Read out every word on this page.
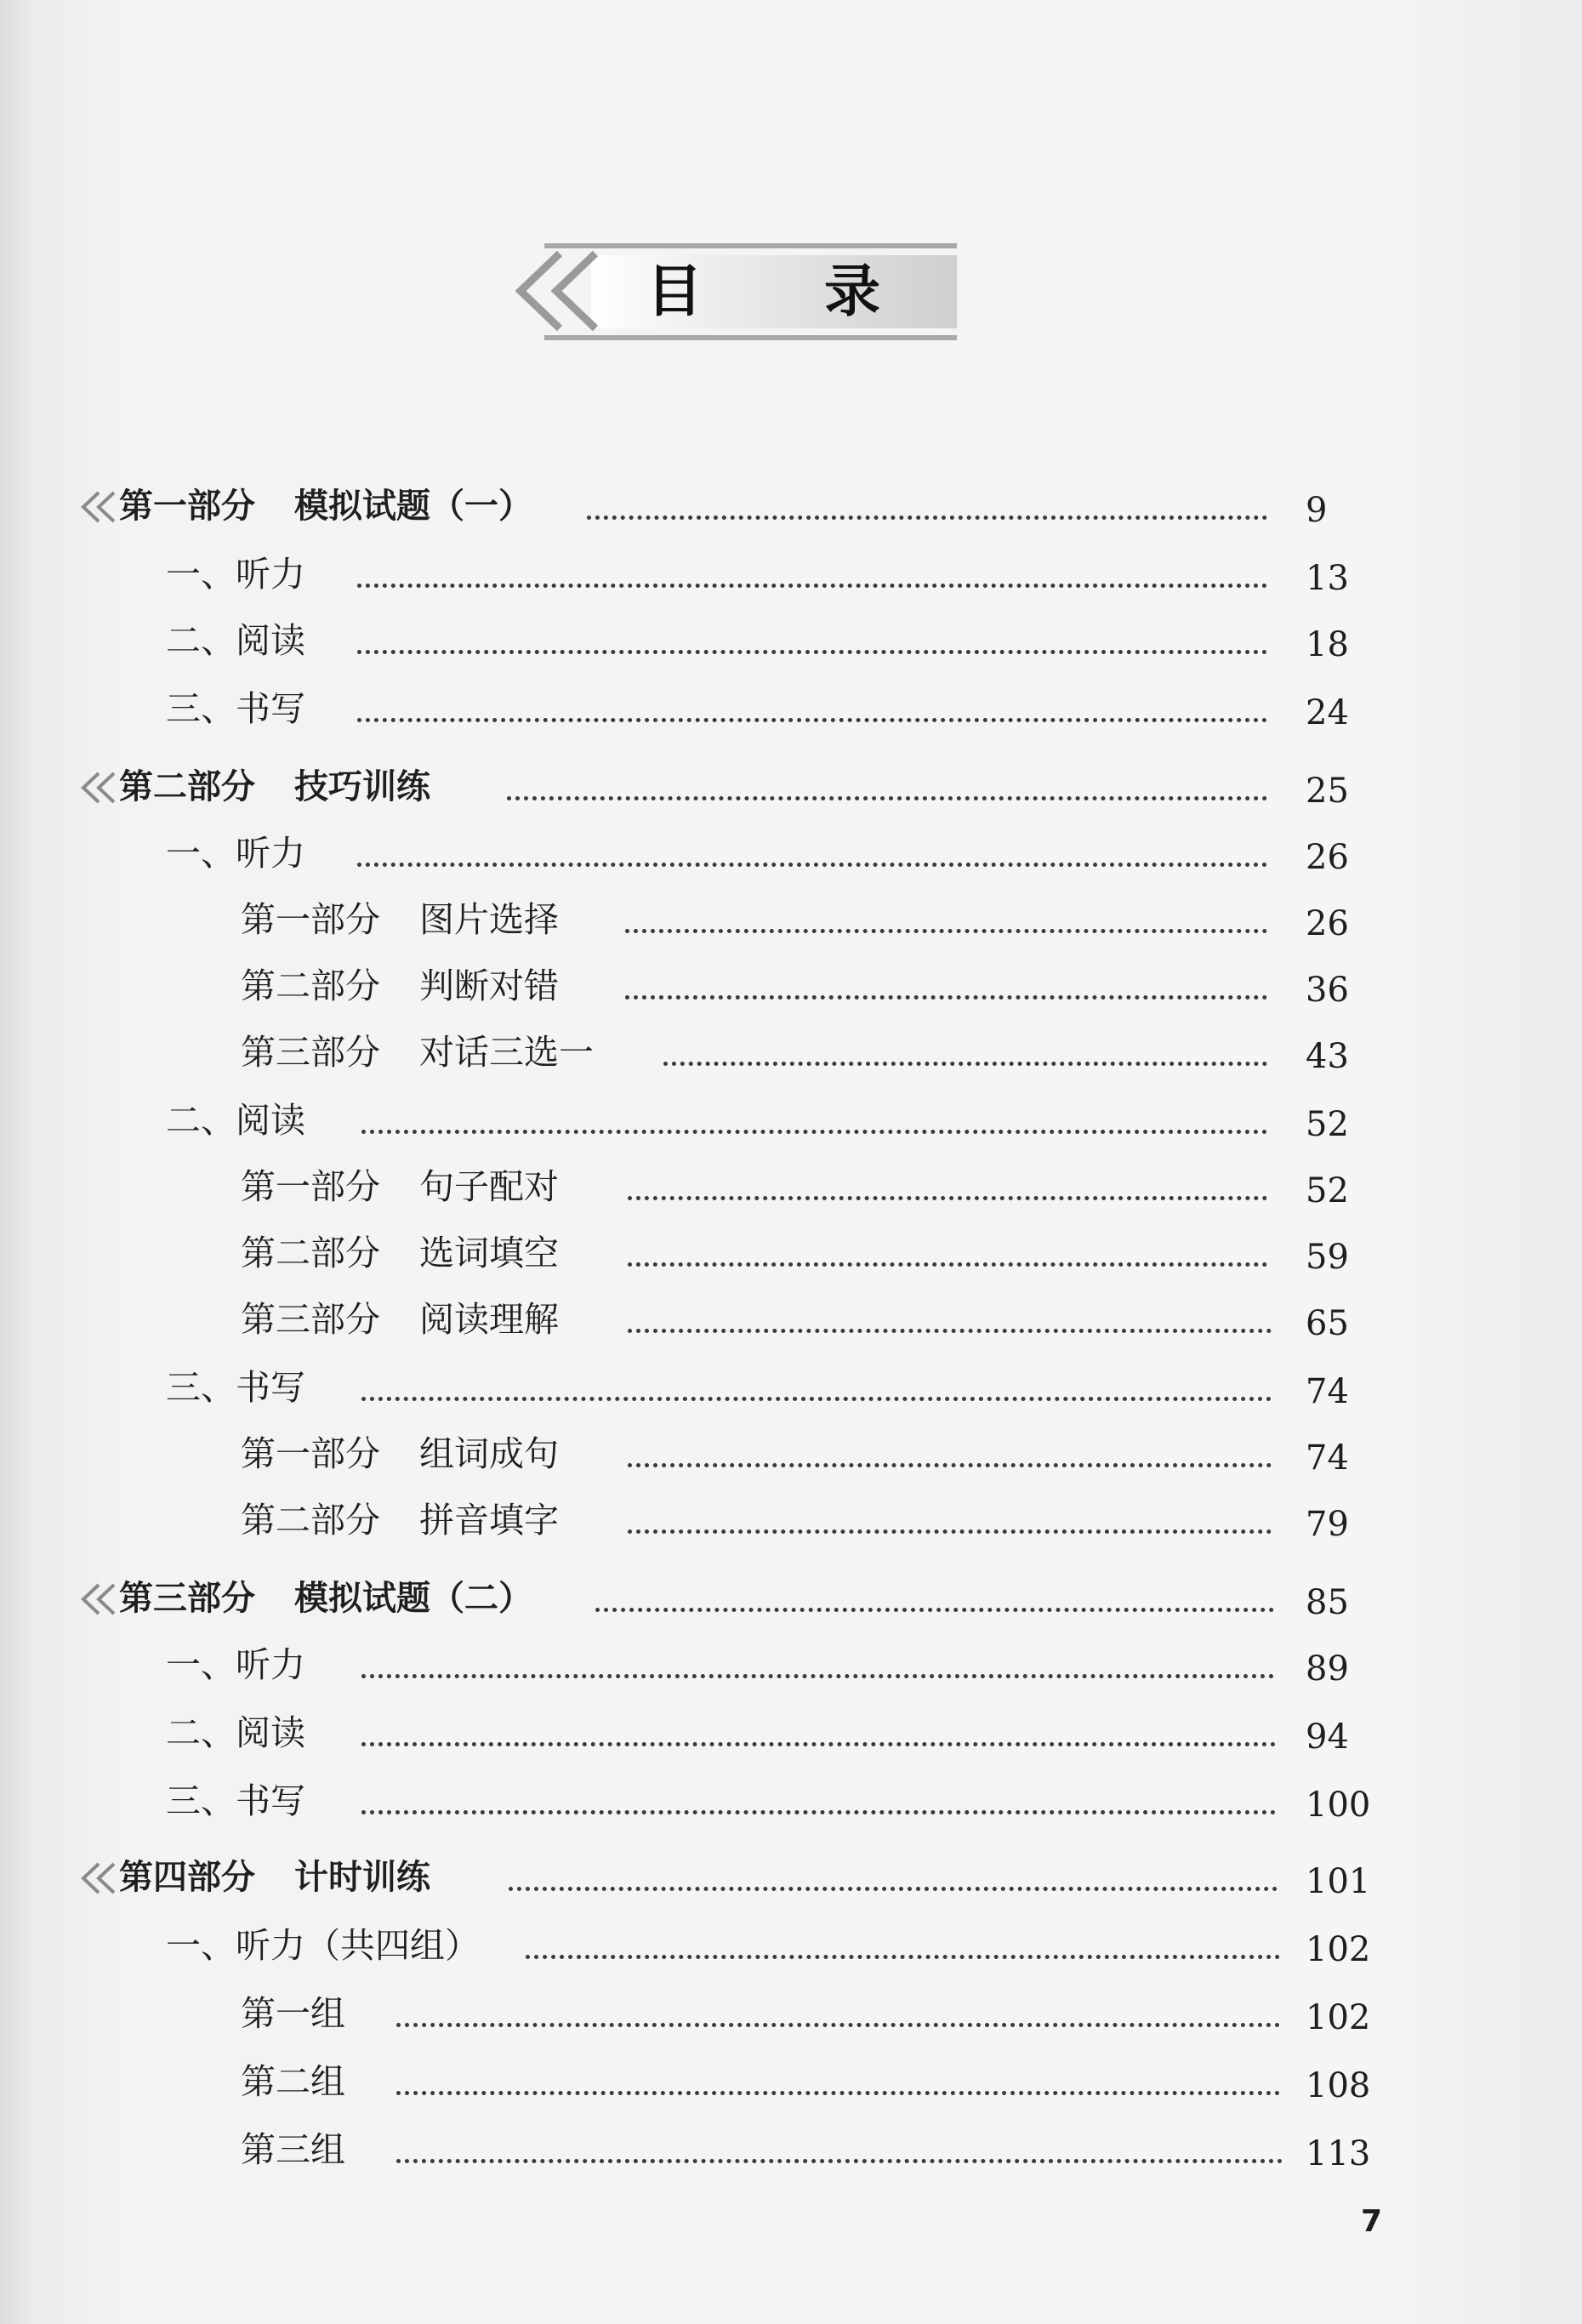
目 录
第一部分 模拟试题（一）	9
一、听力	13
二、阅读	18
三、书写	24
第二部分 技巧训练	25
一、听力	26
第一部分 图片选择	26
第二部分 判断对错	36
第三部分 对话三选一	43
二、阅读	52
第一部分 句子配对	52
第二部分 选词填空	59
第三部分 阅读理解	65
三、书写	74
第一部分 组词成句	74
第二部分 拼音填字	79
第三部分 模拟试题（二）	85
一、听力	89
二、阅读	94
三、书写	100
第四部分 计时训练	101
一、听力（共四组）	102
第一组	102
第二组	108
第三组	113
7
